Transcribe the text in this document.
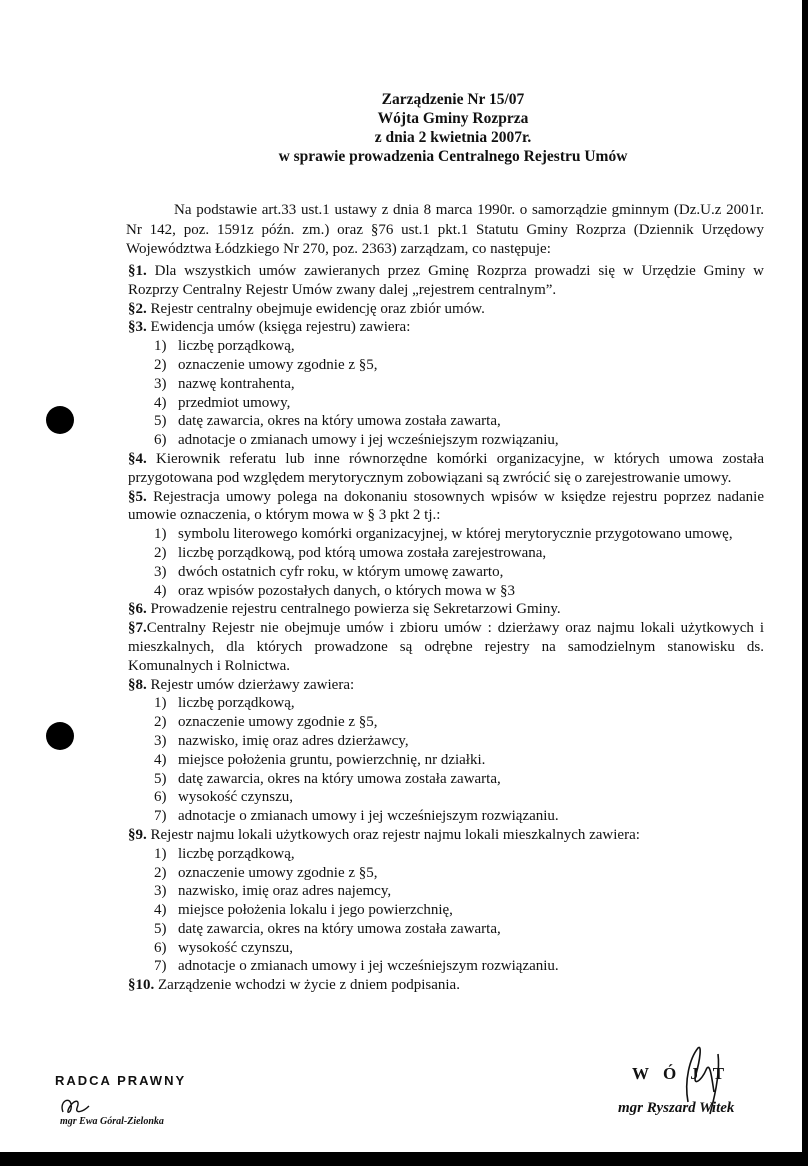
Zarządzenie Nr 15/07
Wójta Gminy Rozprza
z dnia 2 kwietnia 2007r.
w sprawie prowadzenia Centralnego Rejestru Umów

Na podstawie art.33 ust.1 ustawy z dnia 8 marca 1990r. o samorządzie gminnym (Dz.U.z 2001r. Nr 142, poz. 1591z późn. zm.) oraz §76 ust.1 pkt.1 Statutu Gminy Rozprza (Dziennik Urzędowy Województwa Łódzkiego Nr 270, poz. 2363) zarządzam, co następuje:

§1. Dla wszystkich umów zawieranych przez Gminę Rozprza prowadzi się w Urzędzie Gminy w Rozprzy Centralny Rejestr Umów zwany dalej „rejestrem centralnym”.

§2. Rejestr centralny obejmuje ewidencję oraz zbiór umów.

§3. Ewidencja umów (księga rejestru) zawiera:

1) liczbę porządkową,
2) oznaczenie umowy zgodnie z §5,
3) nazwę kontrahenta,
4) przedmiot umowy,
5) datę zawarcia, okres na który umowa została zawarta,
6) adnotacje o zmianach umowy i jej wcześniejszym rozwiązaniu,

§4. Kierownik referatu lub inne równorzędne komórki organizacyjne, w których umowa została przygotowana pod względem merytorycznym zobowiązani są zwrócić się o zarejestrowanie umowy.

§5. Rejestracja umowy polega na dokonaniu stosownych wpisów w księdze rejestru poprzez nadanie umowie oznaczenia, o którym mowa w § 3 pkt 2 tj.:

1) symbolu literowego komórki organizacyjnej, w której merytorycznie przygotowano umowę,
2) liczbę porządkową, pod którą umowa została zarejestrowana,
3) dwóch ostatnich cyfr roku, w którym umowę zawarto,
4) oraz wpisów pozostałych danych, o których mowa w §3

§6. Prowadzenie rejestru centralnego powierza się Sekretarzowi Gminy.

§7.Centralny Rejestr nie obejmuje umów i zbioru umów : dzierżawy oraz najmu lokali użytkowych i mieszkalnych, dla których prowadzone są odrębne rejestry na samodzielnym stanowisku ds. Komunalnych i Rolnictwa.

§8. Rejestr umów dzierżawy zawiera:

1) liczbę porządkową,
2) oznaczenie umowy zgodnie z §5,
3) nazwisko, imię oraz adres dzierżawcy,
4) miejsce położenia gruntu, powierzchnię, nr działki.
5) datę zawarcia, okres na który umowa została zawarta,
6) wysokość czynszu,
7) adnotacje o zmianach umowy i jej wcześniejszym rozwiązaniu.

§9. Rejestr najmu lokali użytkowych oraz rejestr najmu lokali mieszkalnych zawiera:

1) liczbę porządkową,
2) oznaczenie umowy zgodnie z §5,
3) nazwisko, imię oraz adres najemcy,
4) miejsce położenia lokalu i jego powierzchnię,
5) datę zawarcia, okres na który umowa została zawarta,
6) wysokość czynszu,
7) adnotacje o zmianach umowy i jej wcześniejszym rozwiązaniu.

§10. Zarządzenie wchodzi w życie z dniem podpisania.

RADCA PRAWNY
mgr Ewa Góral-Zielonka
WÓJT
mgr Ryszard Witek
